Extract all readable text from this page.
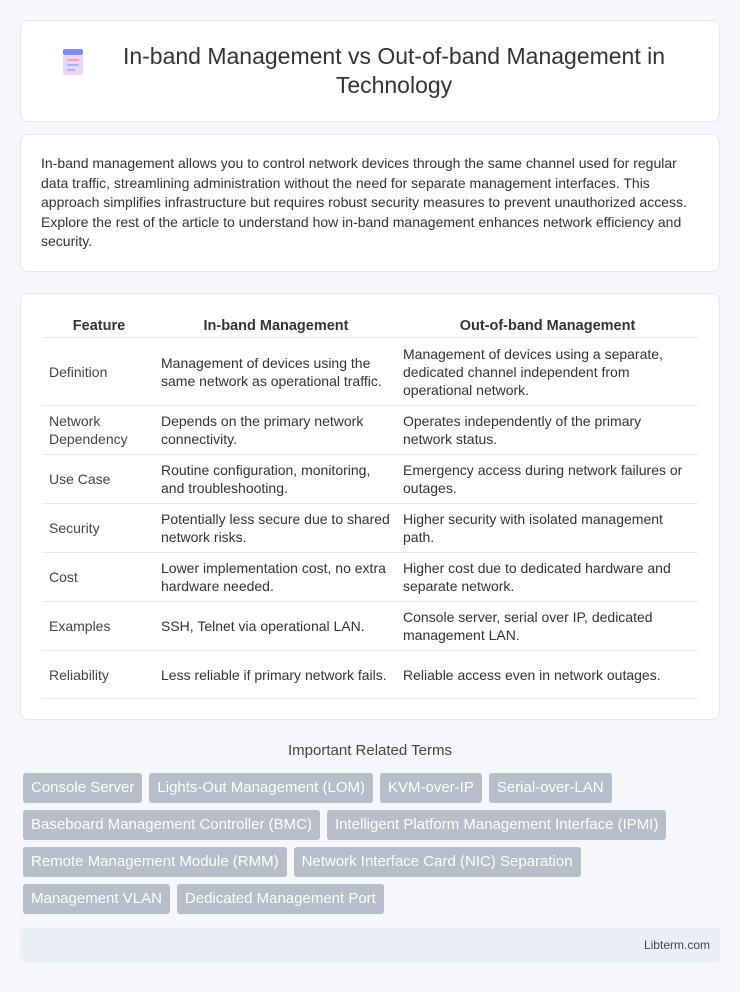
In-band Management vs Out-of-band Management in Technology

In-band management allows you to control network devices through the same channel used for regular data traffic, streamlining administration without the need for separate management interfaces. This approach simplifies infrastructure but requires robust security measures to prevent unauthorized access. Explore the rest of the article to understand how in-band management enhances network efficiency and security.

Feature	In-band Management	Out-of-band Management
Definition	Management of devices using the same network as operational traffic.	Management of devices using a separate, dedicated channel independent from operational network.
Network Dependency	Depends on the primary network connectivity.	Operates independently of the primary network status.
Use Case	Routine configuration, monitoring, and troubleshooting.	Emergency access during network failures or outages.
Security	Potentially less secure due to shared network risks.	Higher security with isolated management path.
Cost	Lower implementation cost, no extra hardware needed.	Higher cost due to dedicated hardware and separate network.
Examples	SSH, Telnet via operational LAN.	Console server, serial over IP, dedicated management LAN.
Reliability	Less reliable if primary network fails.	Reliable access even in network outages.
Important Related Terms
Console Server	Lights-Out Management (LOM)	KVM-over-IP	Serial-over-LAN
Baseboard Management Controller (BMC)	Intelligent Platform Management Interface (IPMI)
Remote Management Module (RMM)	Network Interface Card (NIC) Separation
Management VLAN	Dedicated Management Port
Libterm.com
